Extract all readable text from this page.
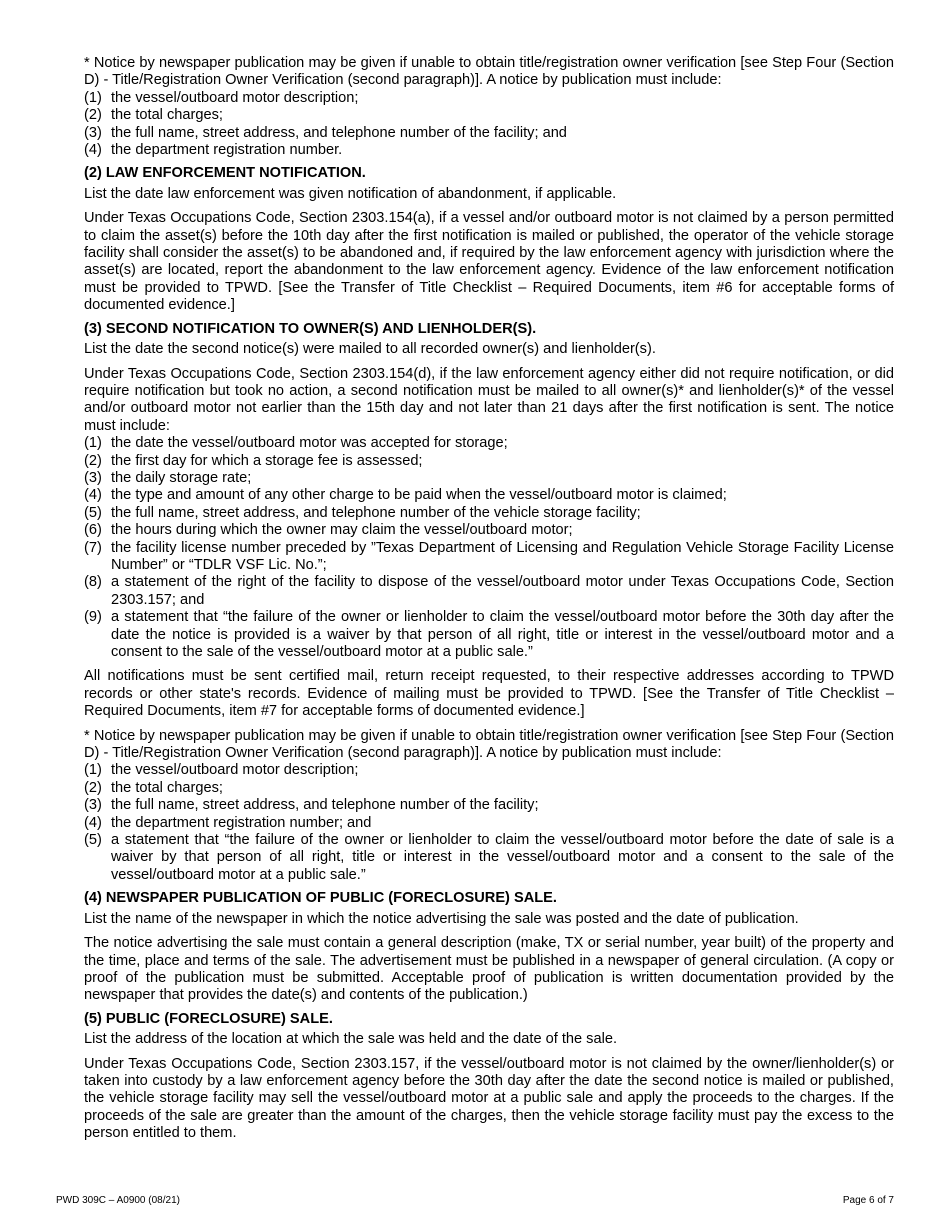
* Notice by newspaper publication may be given if unable to obtain title/registration owner verification [see Step Four (Section D) - Title/Registration Owner Verification (second paragraph)]. A notice by publication must include:

(1) the vessel/outboard motor description;
(2) the total charges;
(3) the full name, street address, and telephone number of the facility; and
(4) the department registration number.

(2) LAW ENFORCEMENT NOTIFICATION.

List the date law enforcement was given notification of abandonment, if applicable.

Under Texas Occupations Code, Section 2303.154(a), if a vessel and/or outboard motor is not claimed by a person permitted to claim the asset(s) before the 10th day after the first notification is mailed or published, the operator of the vehicle storage facility shall consider the asset(s) to be abandoned and, if required by the law enforcement agency with jurisdiction where the asset(s) are located, report the abandonment to the law enforcement agency. Evidence of the law enforcement notification must be provided to TPWD. [See the Transfer of Title Checklist – Required Documents, item #6 for acceptable forms of documented evidence.]

(3) SECOND NOTIFICATION TO OWNER(S) AND LIENHOLDER(S).

List the date the second notice(s) were mailed to all recorded owner(s) and lienholder(s).

Under Texas Occupations Code, Section 2303.154(d), if the law enforcement agency either did not require notification, or did require notification but took no action, a second notification must be mailed to all owner(s)* and lienholder(s)* of the vessel and/or outboard motor not earlier than the 15th day and not later than 21 days after the first notification is sent. The notice must include:

(1) the date the vessel/outboard motor was accepted for storage;
(2) the first day for which a storage fee is assessed;
(3) the daily storage rate;
(4) the type and amount of any other charge to be paid when the vessel/outboard motor is claimed;
(5) the full name, street address, and telephone number of the vehicle storage facility;
(6) the hours during which the owner may claim the vessel/outboard motor;
(7) the facility license number preceded by ”Texas Department of Licensing and Regulation Vehicle Storage Facility License Number” or “TDLR VSF Lic. No.”;
(8) a statement of the right of the facility to dispose of the vessel/outboard motor under Texas Occupations Code, Section 2303.157; and
(9) a statement that “the failure of the owner or lienholder to claim the vessel/outboard motor before the 30th day after the date the notice is provided is a waiver by that person of all right, title or interest in the vessel/outboard motor and a consent to the sale of the vessel/outboard motor at a public sale.”

All notifications must be sent certified mail, return receipt requested, to their respective addresses according to TPWD records or other state's records. Evidence of mailing must be provided to TPWD. [See the Transfer of Title Checklist – Required Documents, item #7 for acceptable forms of documented evidence.]

* Notice by newspaper publication may be given if unable to obtain title/registration owner verification [see Step Four (Section D) - Title/Registration Owner Verification (second paragraph)]. A notice by publication must include:

(1) the vessel/outboard motor description;
(2) the total charges;
(3) the full name, street address, and telephone number of the facility;
(4) the department registration number; and
(5) a statement that “the failure of the owner or lienholder to claim the vessel/outboard motor before the date of sale is a waiver by that person of all right, title or interest in the vessel/outboard motor and a consent to the sale of the vessel/outboard motor at a public sale.”

(4) NEWSPAPER PUBLICATION OF PUBLIC (FORECLOSURE) SALE.

List the name of the newspaper in which the notice advertising the sale was posted and the date of publication.

The notice advertising the sale must contain a general description (make, TX or serial number, year built) of the property and the time, place and terms of the sale. The advertisement must be published in a newspaper of general circulation. (A copy or proof of the publication must be submitted. Acceptable proof of publication is written documentation provided by the newspaper that provides the date(s) and contents of the publication.)

(5) PUBLIC (FORECLOSURE) SALE.

List the address of the location at which the sale was held and the date of the sale.

Under Texas Occupations Code, Section 2303.157, if the vessel/outboard motor is not claimed by the owner/lienholder(s) or taken into custody by a law enforcement agency before the 30th day after the date the second notice is mailed or published, the vehicle storage facility may sell the vessel/outboard motor at a public sale and apply the proceeds to the charges. If the proceeds of the sale are greater than the amount of the charges, then the vehicle storage facility must pay the excess to the person entitled to them.

PWD 309C – A0900 (08/21)	Page 6 of 7
